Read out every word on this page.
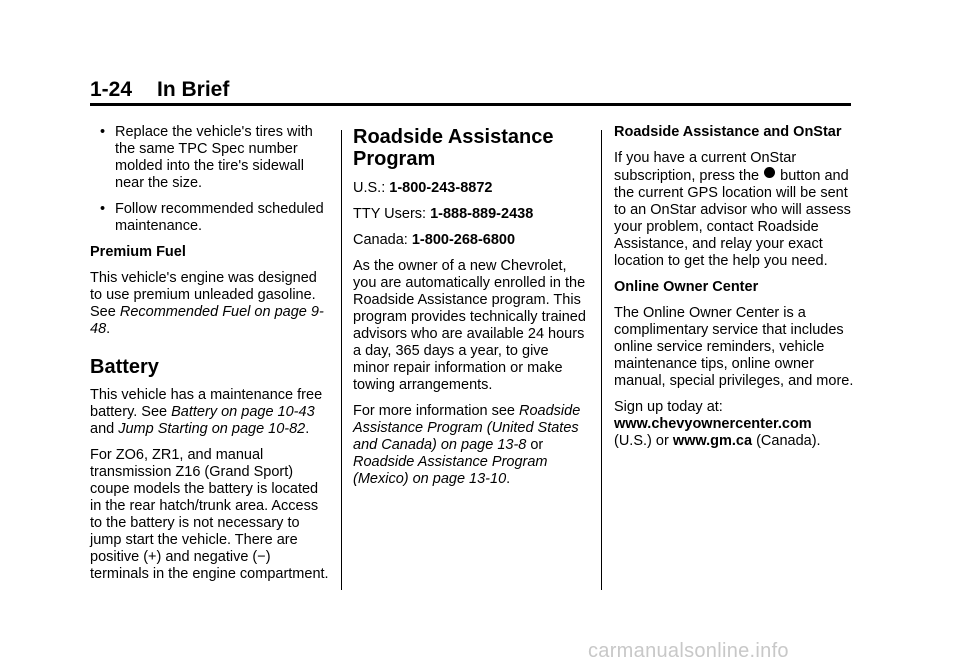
1-24 In Brief
• Replace the vehicle's tires with the same TPC Spec number molded into the tire's sidewall near the size.
• Follow recommended scheduled maintenance.
Premium Fuel

This vehicle's engine was designed to use premium unleaded gasoline. See Recommended Fuel on page 9-48.

Battery

This vehicle has a maintenance free battery. See Battery on page 10-43 and Jump Starting on page 10-82.

For ZO6, ZR1, and manual transmission Z16 (Grand Sport) coupe models the battery is located in the rear hatch/trunk area. Access to the battery is not necessary to jump start the vehicle. There are positive (+) and negative (−) terminals in the engine compartment.

Roadside Assistance Program

U.S.: 1-800-243-8872

TTY Users: 1-888-889-2438

Canada: 1-800-268-6800

As the owner of a new Chevrolet, you are automatically enrolled in the Roadside Assistance program. This program provides technically trained advisors who are available 24 hours a day, 365 days a year, to give minor repair information or make towing arrangements.

For more information see Roadside Assistance Program (United States and Canada) on page 13-8 or Roadside Assistance Program (Mexico) on page 13-10.

Roadside Assistance and OnStar

If you have a current OnStar subscription, press the  button and the current GPS location will be sent to an OnStar advisor who will assess your problem, contact Roadside Assistance, and relay your exact location to get the help you need.

Online Owner Center

The Online Owner Center is a complimentary service that includes online service reminders, vehicle maintenance tips, online owner manual, special privileges, and more.

Sign up today at:
www.chevyownercenter.com
(U.S.) or www.gm.ca (Canada).

carmanualsonline.info
